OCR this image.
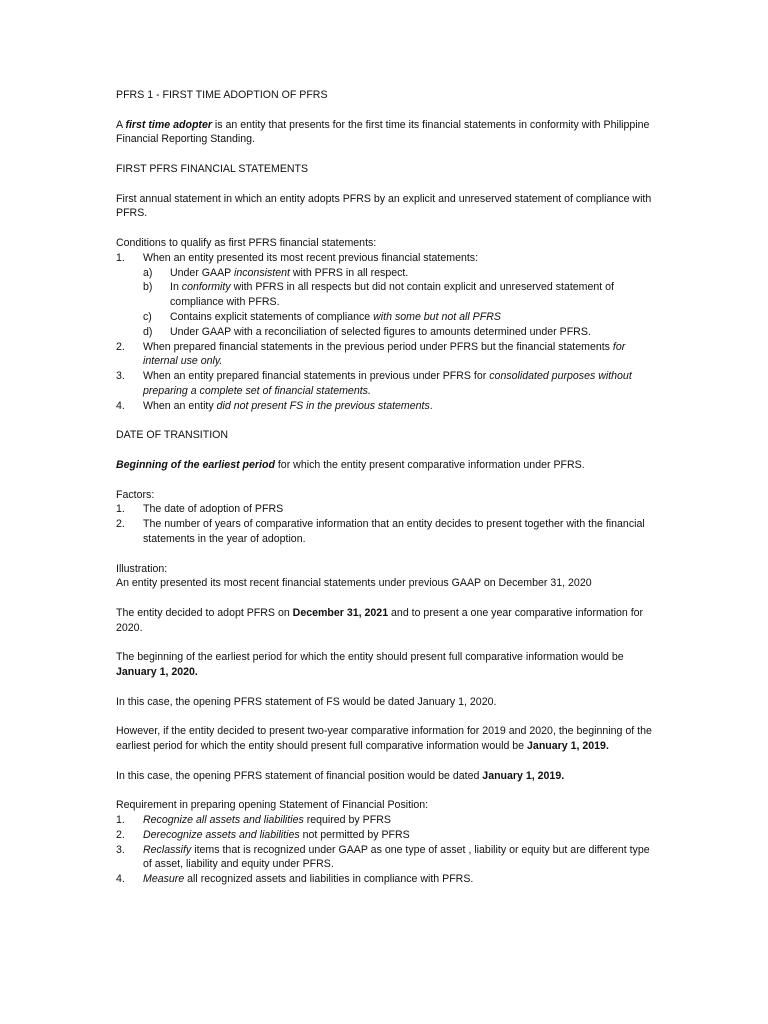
PFRS 1 - FIRST TIME ADOPTION OF PFRS

A first time adopter is an entity that presents for the first time its financial statements in conformity with Philippine Financial Reporting Standing.

FIRST PFRS FINANCIAL STATEMENTS

First annual statement in which an entity adopts PFRS by an explicit and unreserved statement of compliance with PFRS.

Conditions to qualify as first PFRS financial statements:

1.	When an entity presented its most recent previous financial statements:
a)	Under GAAP inconsistent with PFRS in all respect.
b)	In conformity with PFRS in all respects but did not contain explicit and unreserved statement of compliance with PFRS.
c)	Contains explicit statements of compliance with some but not all PFRS
d)	Under GAAP with a reconciliation of selected figures to amounts determined under PFRS.
2.	When prepared financial statements in the previous period under PFRS but the financial statements for internal use only.
3.	When an entity prepared financial statements in previous under PFRS for consolidated purposes without preparing a complete set of financial statements.
4.	When an entity did not present FS in the previous statements.

DATE OF TRANSITION

Beginning of the earliest period for which the entity present comparative information under PFRS.

Factors:

1.	The date of adoption of PFRS
2.	The number of years of comparative information that an entity decides to present together with the financial statements in the year of adoption.

Illustration:

An entity presented its most recent financial statements under previous GAAP on December 31, 2020

The entity decided to adopt PFRS on December 31, 2021 and to present a one year comparative information for 2020.

The beginning of the earliest period for which the entity should present full comparative information would be January 1, 2020.

In this case, the opening PFRS statement of FS would be dated January 1, 2020.

However, if the entity decided to present two-year comparative information for 2019 and 2020, the beginning of the earliest period for which the entity should present full comparative information would be January 1, 2019.

In this case, the opening PFRS statement of financial position would be dated January 1, 2019.

Requirement in preparing opening Statement of Financial Position:

1.	Recognize all assets and liabilities required by PFRS
2.	Derecognize assets and liabilities not permitted by PFRS
3.	Reclassify items that is recognized under GAAP as one type of asset , liability or equity but are different type of asset, liability and equity under PFRS.
4.	Measure all recognized assets and liabilities in compliance with PFRS.
